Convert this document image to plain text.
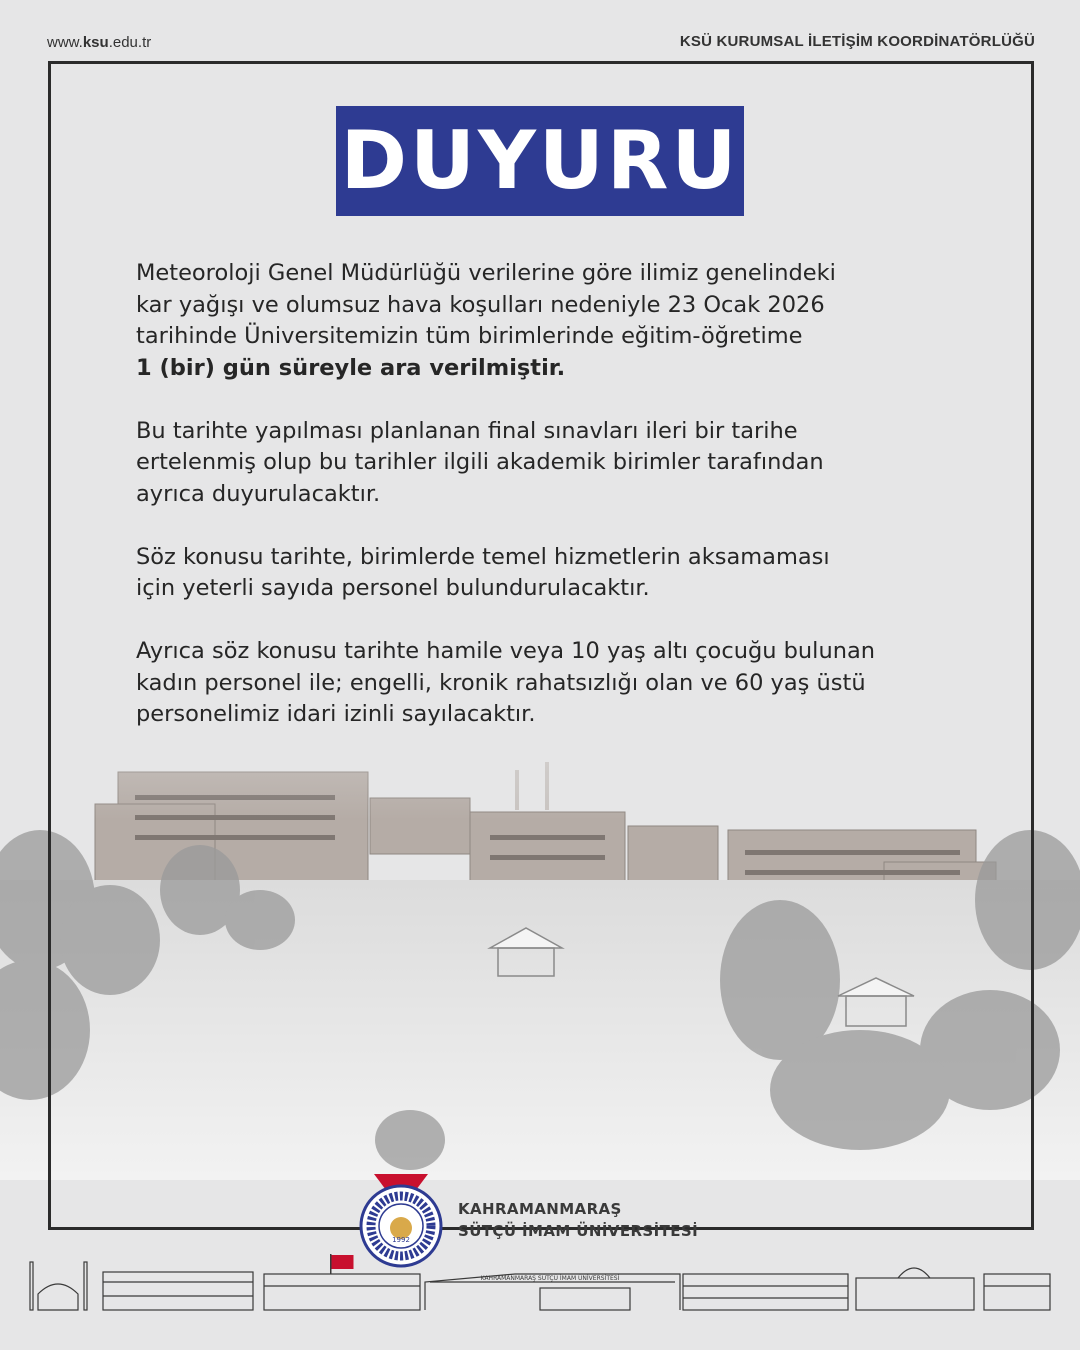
www.ksu.edu.tr	KSÜ KURUMSAL İLETİŞİM KOORDİNATÖRLÜĞÜ
DUYURU
Meteoroloji Genel Müdürlüğü verilerine göre ilimiz genelindeki
kar yağışı ve olumsuz hava koşulları nedeniyle 23 Ocak 2026
tarihinde Üniversitemizin tüm birimlerinde eğitim-öğretime
1 (bir) gün süreyle ara verilmiştir.
Bu tarihte yapılması planlanan final sınavları ileri bir tarihe
ertelenmiş olup bu tarihler ilgili akademik birimler tarafından
ayrıca duyurulacaktır.
Söz konusu tarihte, birimlerde temel hizmetlerin aksamaması
için yeterli sayıda personel bulundurulacaktır.
Ayrıca söz konusu tarihte hamile veya 10 yaş altı çocuğu bulunan
kadın personel ile; engelli, kronik rahatsızlığı olan ve 60 yaş üstü
personelimiz idari izinli sayılacaktır.
1992
KAHRAMANMARAŞ
SÜTÇÜ İMAM ÜNİVERSİTESİ
KAHRAMANMARAŞ SÜTÇÜ İMAM ÜNİVERSİTESİ
